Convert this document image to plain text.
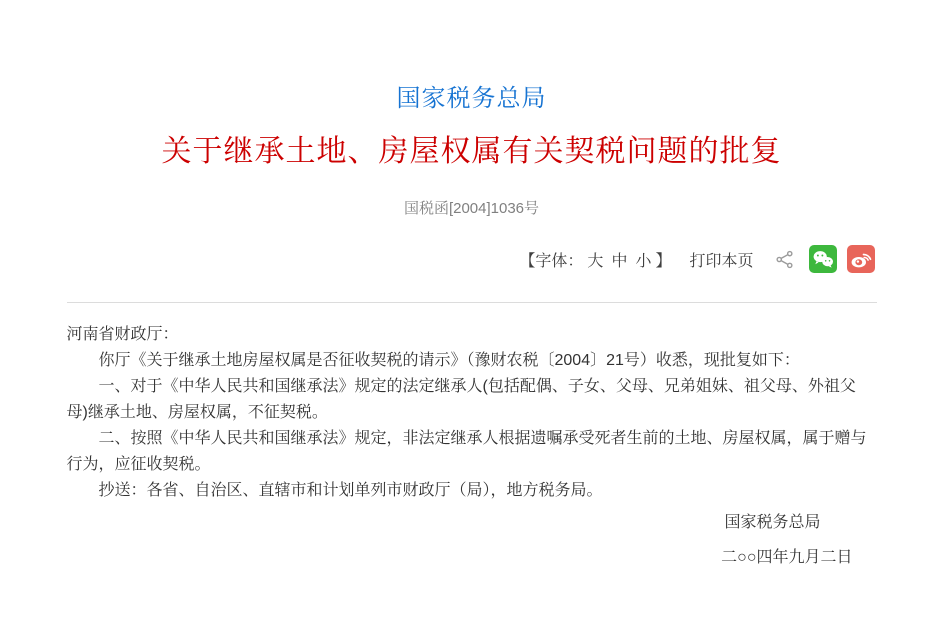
国家税务总局
关于继承土地、房屋权属有关契税问题的批复
国税函[2004]1036号
【字体： 大 中 小 】 打印本页

河南省财政厅：

你厅《关于继承土地房屋权属是否征收契税的请示》（豫财农税〔2004〕21号）收悉，现批复如下：

一、对于《中华人民共和国继承法》规定的法定继承人(包括配偶、子女、父母、兄弟姐妹、祖父母、外祖父母)继承土地、房屋权属，不征契税。

二、按照《中华人民共和国继承法》规定，非法定继承人根据遗嘱承受死者生前的土地、房屋权属，属于赠与行为，应征收契税。

抄送：各省、自治区、直辖市和计划单列市财政厅（局），地方税务局。

国家税务总局
二○○四年九月二日
